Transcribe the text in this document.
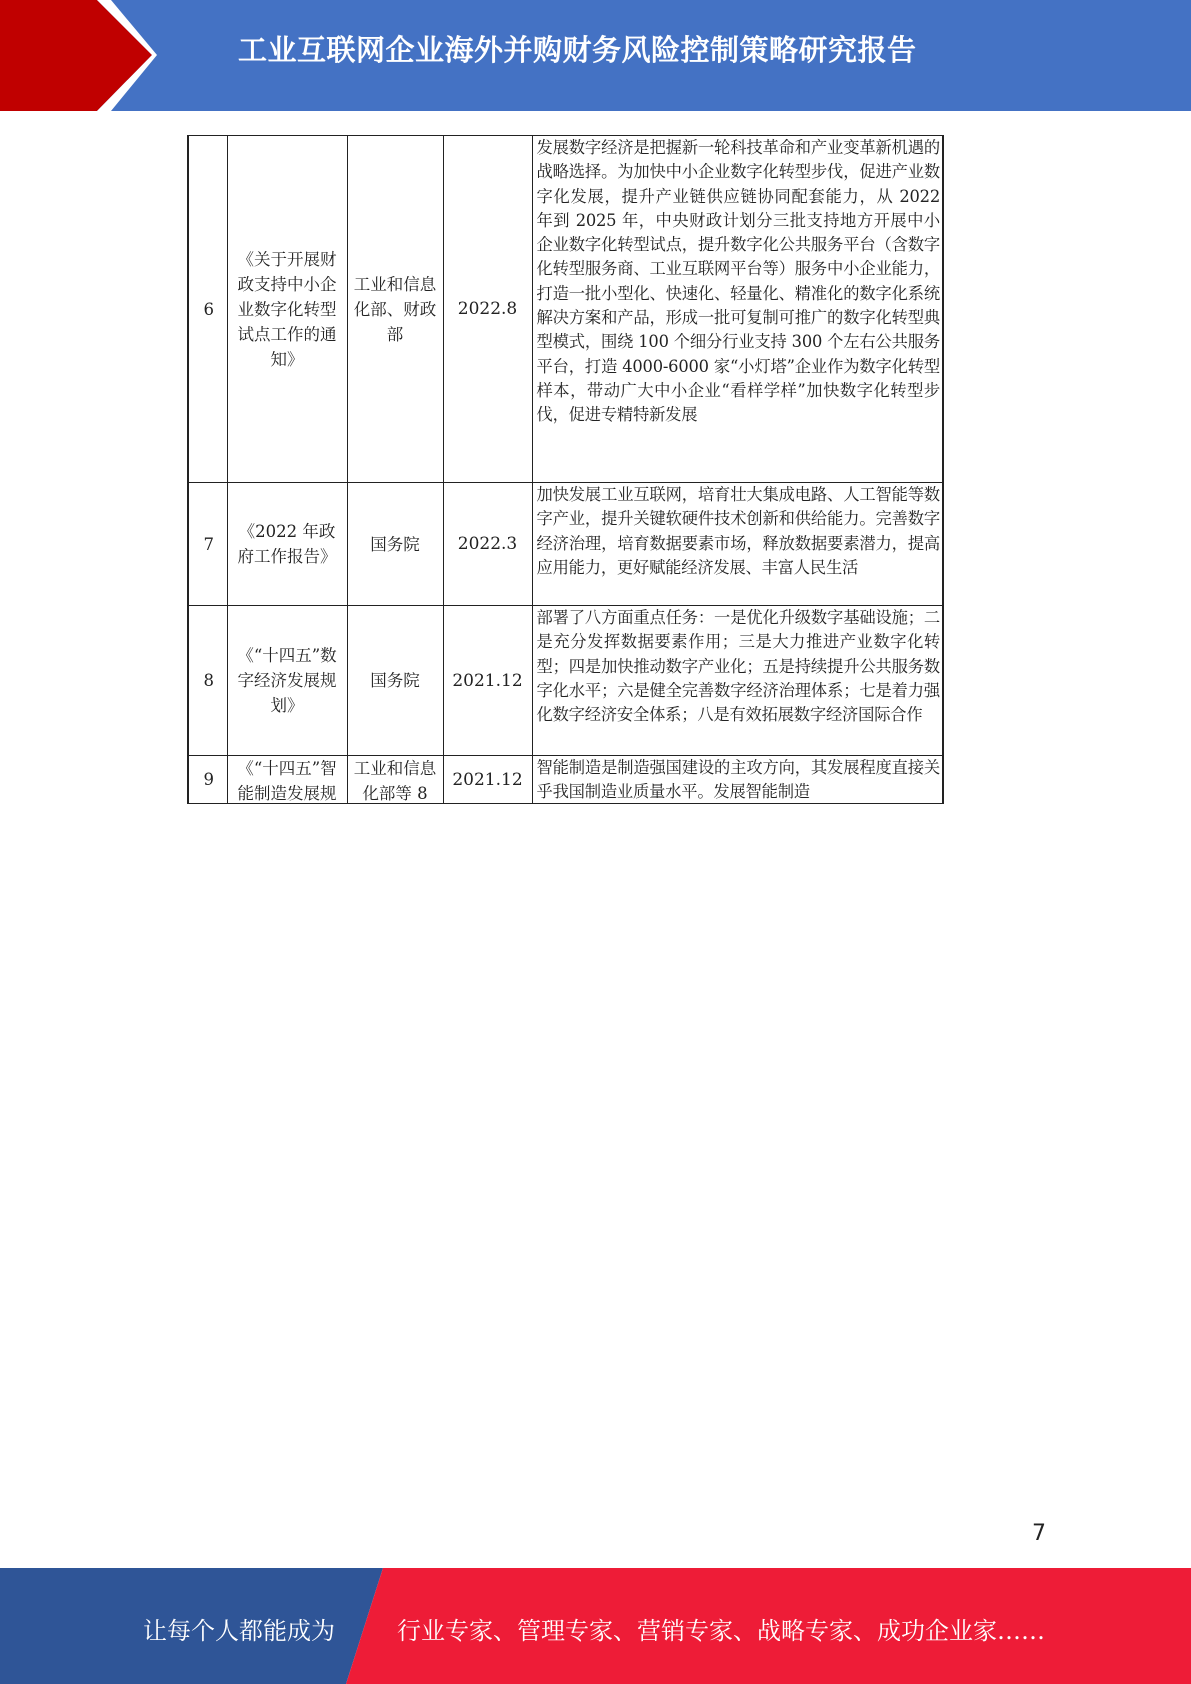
工业互联网企业海外并购财务风险控制策略研究报告
6	《关于开展财政支持中小企业数字化转型试点工作的通知》	工业和信息化部、财政部	2022.8	发展数字经济是把握新一轮科技革命和产业变革新机遇的战略选择。为加快中小企业数字化转型步伐，促进产业数字化发展，提升产业链供应链协同配套能力，从 2022 年到 2025 年，中央财政计划分三批支持地方开展中小企业数字化转型试点，提升数字化公共服务平台（含数字化转型服务商、工业互联网平台等）服务中小企业能力，打造一批小型化、快速化、轻量化、精准化的数字化系统解决方案和产品，形成一批可复制可推广的数字化转型典型模式，围绕 100 个细分行业支持 300 个左右公共服务平台，打造 4000-6000 家“小灯塔”企业作为数字化转型样本，带动广大中小企业“看样学样”加快数字化转型步伐，促进专精特新发展
7	《2022 年政府工作报告》	国务院	2022.3	加快发展工业互联网，培育壮大集成电路、人工智能等数字产业，提升关键软硬件技术创新和供给能力。完善数字经济治理，培育数据要素市场，释放数据要素潜力，提高应用能力，更好赋能经济发展、丰富人民生活
8	《“十四五”数字经济发展规划》	国务院	2021.12	部署了八方面重点任务：一是优化升级数字基础设施；二是充分发挥数据要素作用；三是大力推进产业数字化转型；四是加快推动数字产业化；五是持续提升公共服务数字化水平；六是健全完善数字经济治理体系；七是着力强化数字经济安全体系；八是有效拓展数字经济国际合作
9	《“十四五”智能制造发展规	工业和信息化部等 8	2021.12	智能制造是制造强国建设的主攻方向，其发展程度直接关乎我国制造业质量水平。发展智能制造
7
让每个人都能成为	行业专家、管理专家、营销专家、战略专家、成功企业家……
